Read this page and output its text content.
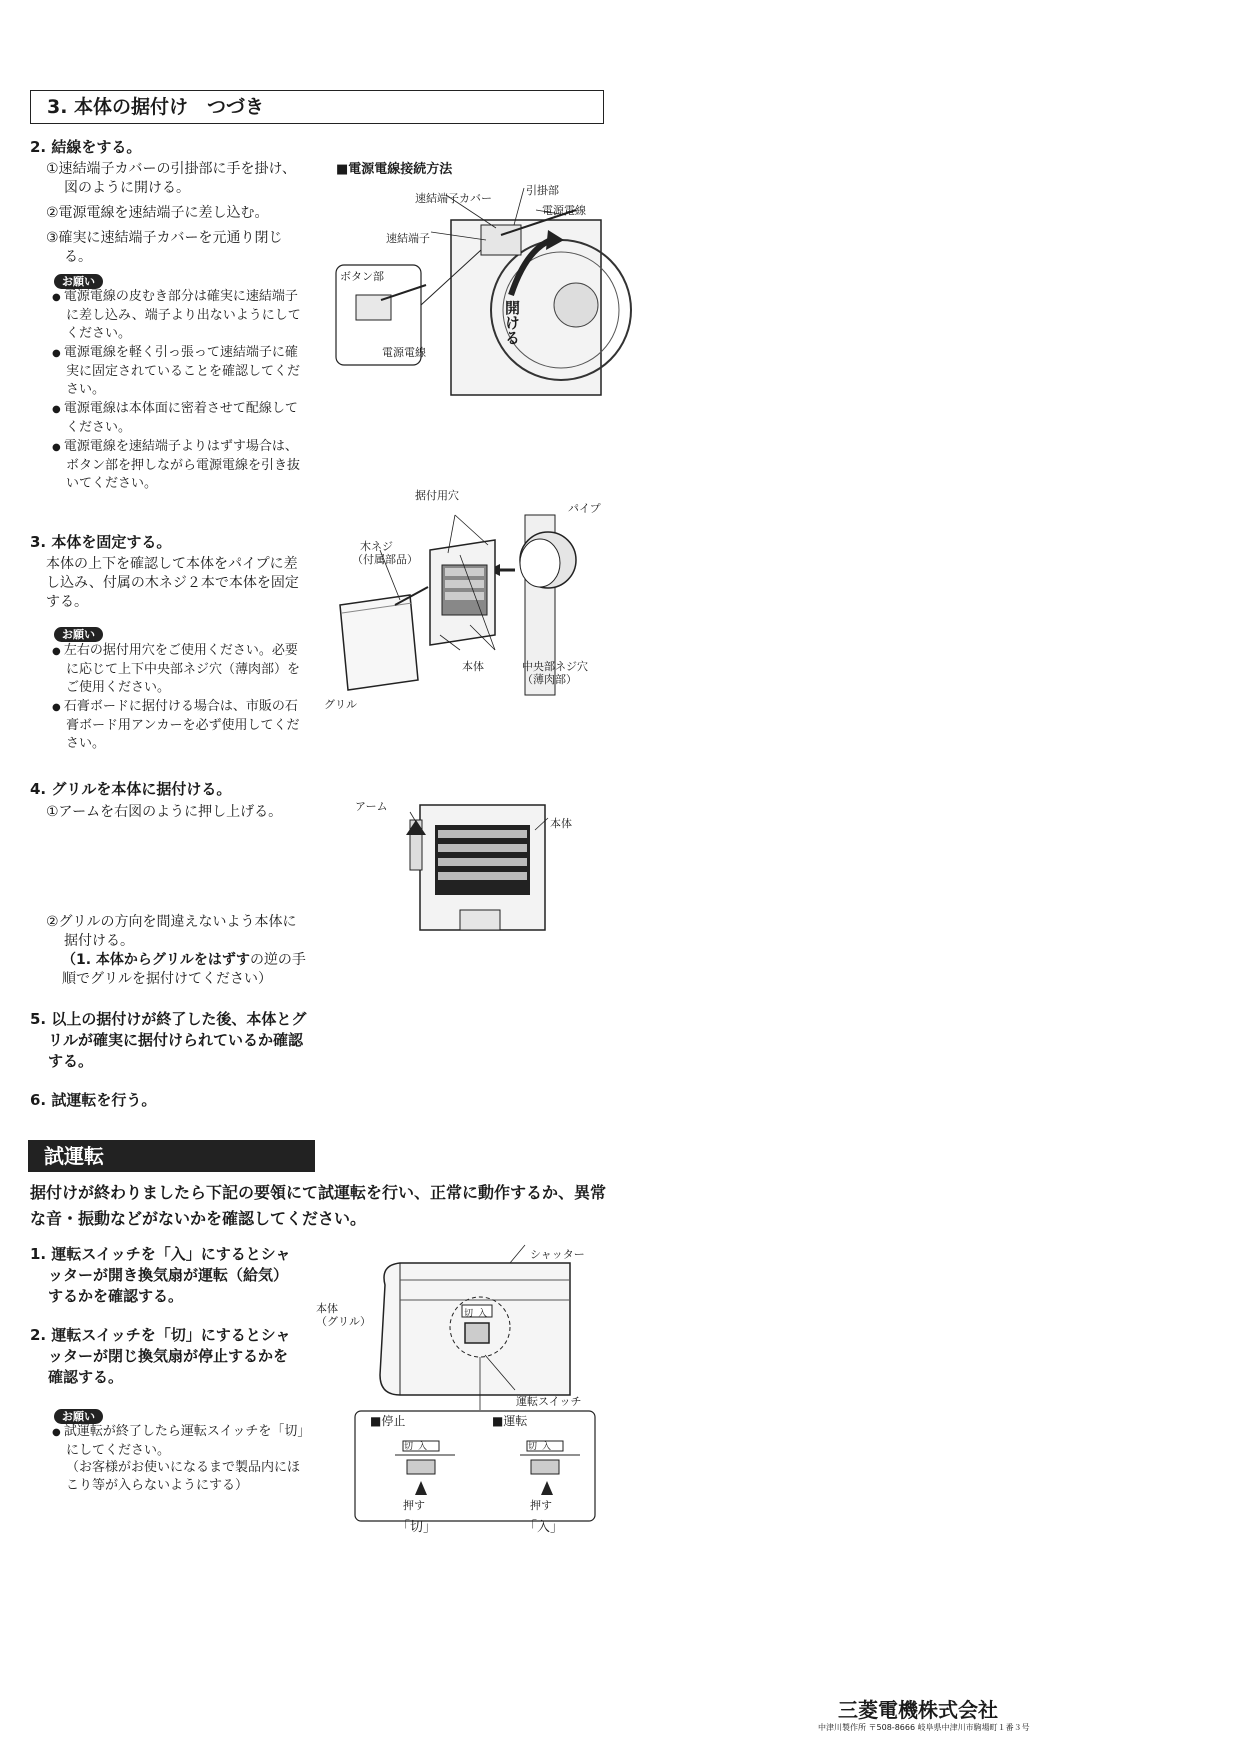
3. 本体の据付け　つづき
2. 結線をする。
①速結端子カバーの引掛部に手を掛け、図のように開ける。
②電源電線を速結端子に差し込む。
③確実に速結端子カバーを元通り閉じる。
お願い
● 電源電線の皮むき部分は確実に速結端子に差し込み、端子より出ないようにしてください。
● 電源電線を軽く引っ張って速結端子に確実に固定されていることを確認してください。
● 電源電線は本体面に密着させて配線してください。
● 電源電線を速結端子よりはずす場合は、ボタン部を押しながら電源電線を引き抜いてください。
■電源電線接続方法
速結端子カバー
引掛部
電源電線
速結端子
ボタン部
電源電線
開ける
3. 本体を固定する。
本体の上下を確認して本体をパイプに差し込み、付属の木ネジ２本で本体を固定する。
お願い
● 左右の据付用穴をご使用ください。必要に応じて上下中央部ネジ穴（薄肉部）をご使用ください。
● 石膏ボードに据付ける場合は、市販の石膏ボード用アンカーを必ず使用してください。
据付用穴
パイプ
木ネジ
（付属部品）
本体	中央部ネジ穴
（薄肉部）
グリル
4. グリルを本体に据付ける。
①アームを右図のように押し上げる。
②グリルの方向を間違えないよう本体に据付ける。
（1. 本体からグリルをはずすの逆の手順でグリルを据付けてください）
アーム
本体
5. 以上の据付けが終了した後、本体とグリルが確実に据付けられているか確認する。
6. 試運転を行う。
試運転
据付けが終わりましたら下記の要領にて試運転を行い、正常に動作するか、異常な音・振動などがないかを確認してください。
1. 運転スイッチを「入」にするとシャッターが開き換気扇が運転（給気）するかを確認する。
2. 運転スイッチを「切」にするとシャッターが閉じ換気扇が停止するかを確認する。
お願い
● 試運転が終了したら運転スイッチを「切」にしてください。
（お客様がお使いになるまで製品内にほこり等が入らないようにする）
シャッター
本体
（グリル）
切 入
運転スイッチ
■停止	■運転
切 入	切 入
押す	押す
「切」	「入」
三菱電機株式会社
中津川製作所 〒508-8666 岐阜県中津川市駒場町１番３号
